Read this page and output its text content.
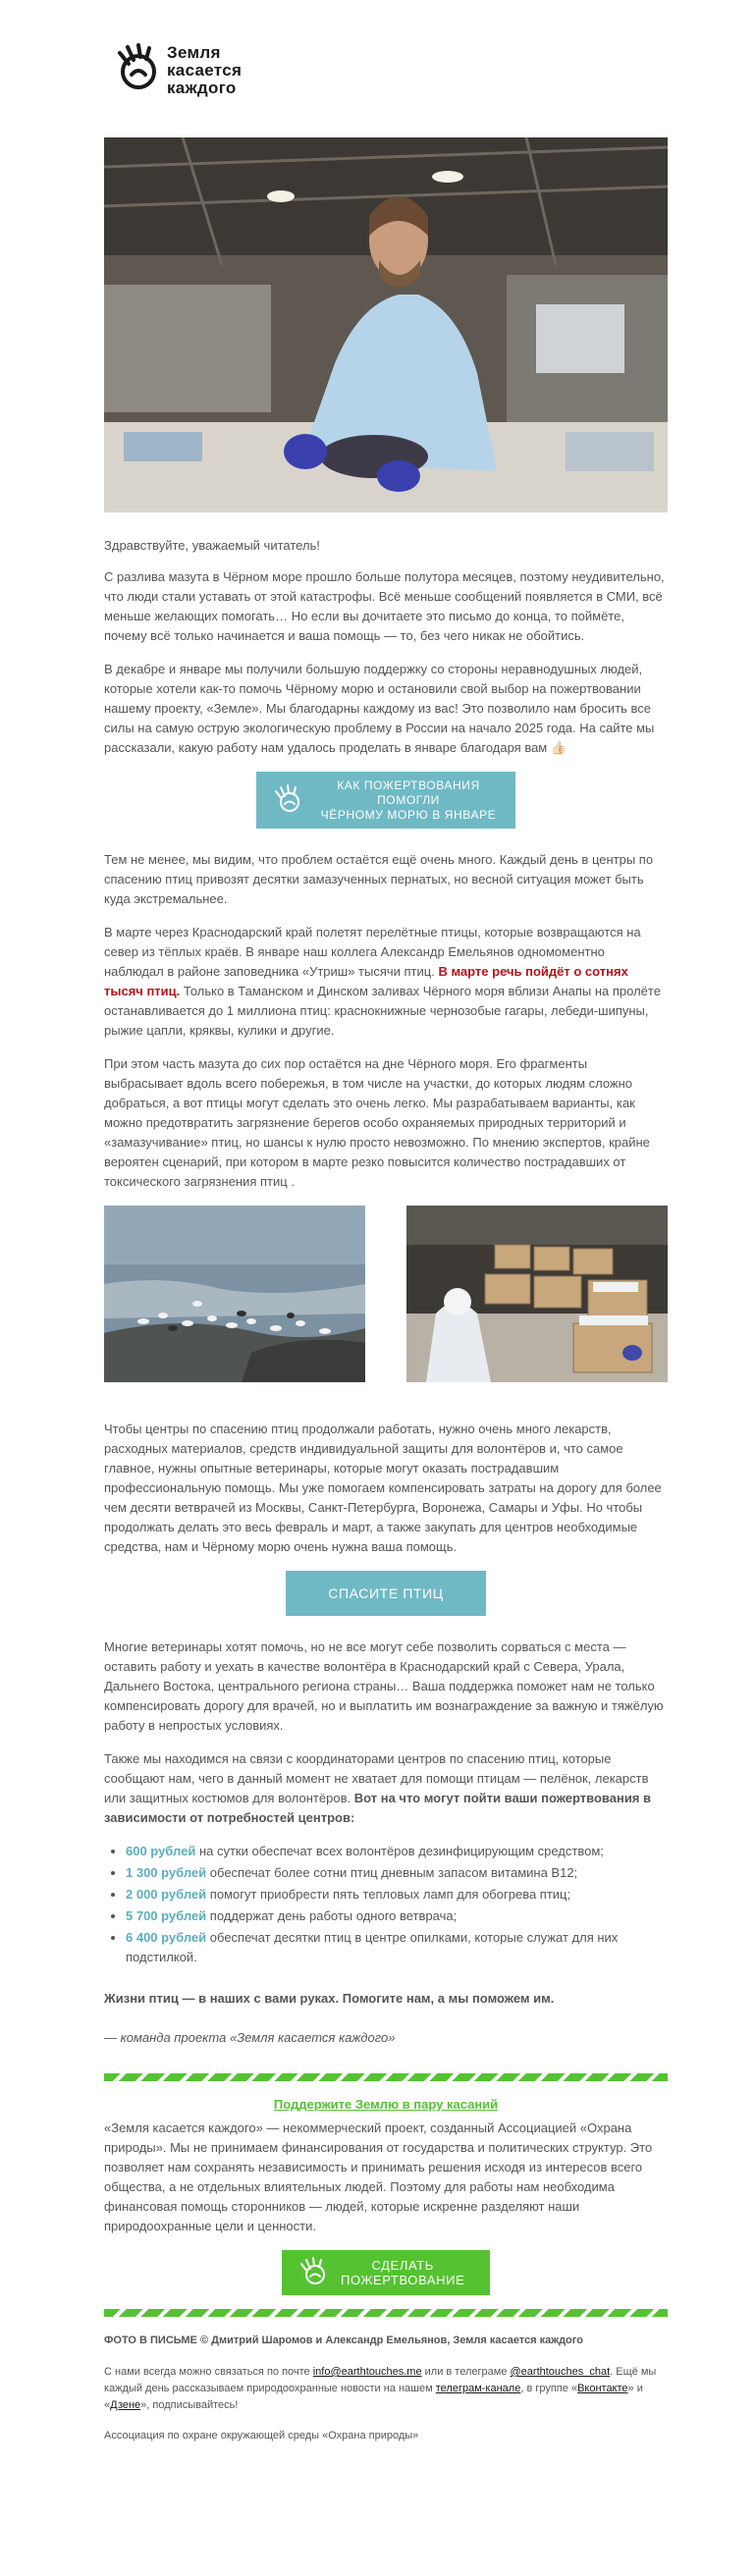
Земля
касается
каждого

Здравствуйте, уважаемый читатель!

С разлива мазута в Чёрном море прошло больше полутора месяцев, поэтому неудивительно, что люди стали уставать от этой катастрофы. Всё меньше сообщений появляется в СМИ, всё меньше желающих помогать… Но если вы дочитаете это письмо до конца, то поймёте, почему всё только начинается и ваша помощь — то, без чего никак не обойтись.

В декабре и январе мы получили большую поддержку со стороны неравнодушных людей, которые хотели как-то помочь Чёрному морю и остановили свой выбор на пожертвовании нашему проекту, «Земле». Мы благодарны каждому из вас! Это позволило нам бросить все силы на самую острую экологическую проблему в России на начало 2025 года. На сайте мы рассказали, какую работу нам удалось проделать в январе благодаря вам 👍🏻

КАК ПОЖЕРТВОВАНИЯ ПОМОГЛИ
ЧЁРНОМУ МОРЮ В ЯНВАРЕ

Тем не менее, мы видим, что проблем остаётся ещё очень много. Каждый день в центры по спасению птиц привозят десятки замазученных пернатых, но весной ситуация может быть куда экстремальнее.

В марте через Краснодарский край полетят перелётные птицы, которые возвращаются на север из тёплых краёв. В январе наш коллега Александр Емельянов одномоментно наблюдал в районе заповедника «Утриш» тысячи птиц. В марте речь пойдёт о сотнях тысяч птиц. Только в Таманском и Динском заливах Чёрного моря вблизи Анапы на пролёте останавливается до 1 миллиона птиц: краснокнижные чернозобые гагары, лебеди-шипуны, рыжие цапли, кряквы, кулики и другие.

При этом часть мазута до сих пор остаётся на дне Чёрного моря. Его фрагменты выбрасывает вдоль всего побережья, в том числе на участки, до которых людям сложно добраться, а вот птицы могут сделать это очень легко. Мы разрабатываем варианты, как можно предотвратить загрязнение берегов особо охраняемых природных территорий и «замазучивание» птиц, но шансы к нулю просто невозможно. По мнению экспертов, крайне вероятен сценарий, при котором в марте резко повысится количество пострадавших от токсического загрязнения птиц .

Чтобы центры по спасению птиц продолжали работать, нужно очень много лекарств, расходных материалов, средств индивидуальной защиты для волонтёров и, что самое главное, нужны опытные ветеринары, которые могут оказать пострадавшим профессиональную помощь. Мы уже помогаем компенсировать затраты на дорогу для более чем десяти ветврачей из Москвы, Санкт-Петербурга, Воронежа, Самары и Уфы. Но чтобы продолжать делать это весь февраль и март, а также закупать для центров необходимые средства, нам и Чёрному морю очень нужна ваша помощь.

СПАСИТЕ ПТИЦ

Многие ветеринары хотят помочь, но не все могут себе позволить сорваться с места — оставить работу и уехать в качестве волонтёра в Краснодарский край с Севера, Урала, Дальнего Востока, центрального региона страны… Ваша поддержка поможет нам не только компенсировать дорогу для врачей, но и выплатить им вознаграждение за важную и тяжёлую работу в непростых условиях.

Также мы находимся на связи с координаторами центров по спасению птиц, которые сообщают нам, чего в данный момент не хватает для помощи птицам — пелёнок, лекарств или защитных костюмов для волонтёров. Вот на что могут пойти ваши пожертвования в зависимости от потребностей центров:

• 600 рублей на сутки обеспечат всех волонтёров дезинфицирующим средством;
• 1 300 рублей обеспечат более сотни птиц дневным запасом витамина B12;
• 2 000 рублей помогут приобрести пять тепловых ламп для обогрева птиц;
• 5 700 рублей поддержат день работы одного ветврача;
• 6 400 рублей обеспечат десятки птиц в центре опилками, которые служат для них подстилкой.

Жизни птиц — в наших с вами руках. Помогите нам, а мы поможем им.

— команда проекта «Земля касается каждого»

Поддержите Землю в пару касаний

«Земля касается каждого» — некоммерческий проект, созданный Ассоциацией «Охрана природы». Мы не принимаем финансирования от государства и политических структур. Это позволяет нам сохранять независимость и принимать решения исходя из интересов всего общества, а не отдельных влиятельных людей. Поэтому для работы нам необходима финансовая помощь сторонников — людей, которые искренне разделяют наши природоохранные цели и ценности.

СДЕЛАТЬ
ПОЖЕРТВОВАНИЕ

ФОТО В ПИСЬМЕ © Дмитрий Шаромов и Александр Емельянов, Земля касается каждого

С нами всегда можно связаться по почте info@earthtouches.me или в телеграме @earthtouches_chat. Ещё мы каждый день рассказываем природоохранные новости на нашем телеграм-канале, в группе «Вконтакте» и «Дзене», подписывайтесь!

Ассоциация по охране окружающей среды «Охрана природы»
